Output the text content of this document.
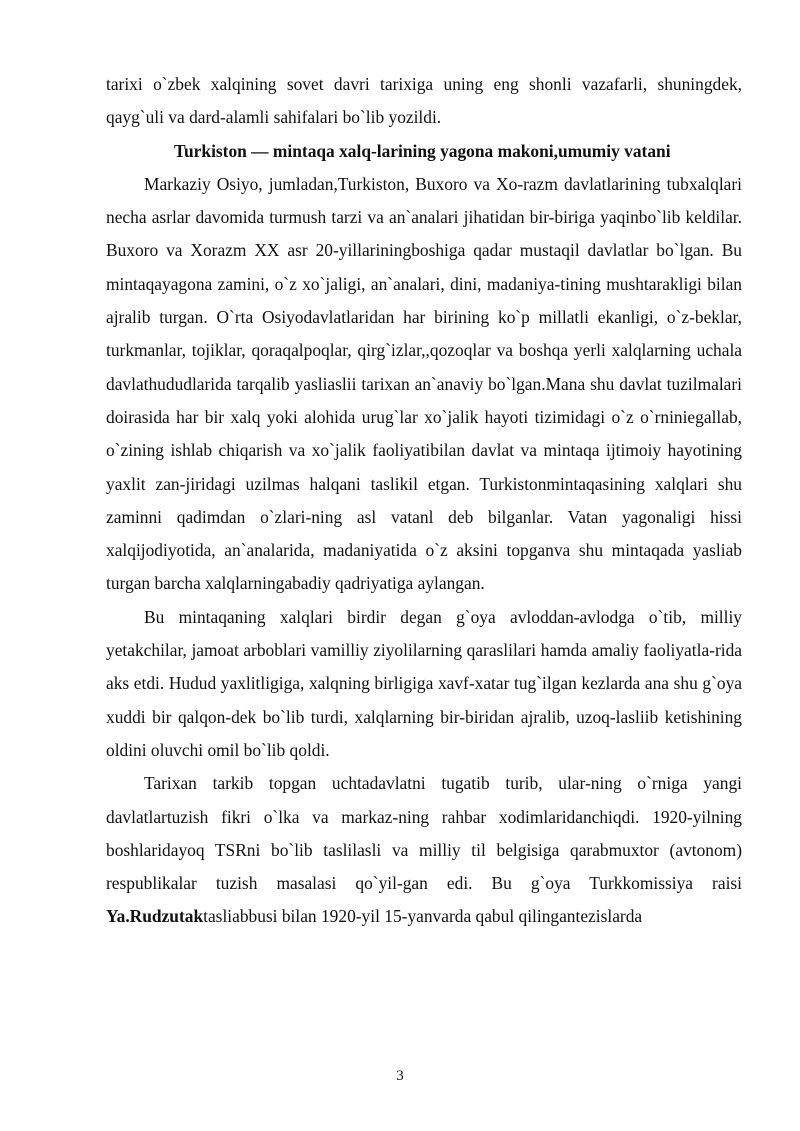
tarixi o`zbek xalqining sovet davri tarixiga uning eng shonli vazafarli, shuningdek, qayg`uli va dard-alamli sahifalari bo`lib yozildi.

Turkiston — mintaqa xalq-larining yagona makoni,umumiy vatani

Markaziy Osiyo, jumladan,Turkiston, Buxoro va Xo-razm davlatlarining tubxalqlari necha asrlar davomida turmush tarzi va an`analari jihatidan bir-biriga yaqinbo`lib keldilar. Buxoro va Xorazm XX asr 20-yillariningboshiga qadar mustaqil davlatlar bo`lgan. Bu mintaqayagona zamini, o`z xo`jaligi, an`analari, dini, madaniya-tining mushtarakligi bilan ajralib turgan. O`rta Osiyodavlatlaridan har birining ko`p millatli ekanligi, o`z-beklar, turkmanlar, tojiklar, qoraqalpoqlar, qirg`izlar,,qozoqlar va boshqa yerli xalqlarning uchala davlathududlarida tarqalib yasliaslii tarixan an`anaviy bo`lgan.Mana shu davlat tuzilmalari doirasida har bir xalq yoki alohida urug`lar xo`jalik hayoti tizimidagi o`z o`rniniegallab, o`zining ishlab chiqarish va xo`jalik faoliyatibilan davlat va mintaqa ijtimoiy hayotining yaxlit zan-jiridagi uzilmas halqani taslikil etgan. Turkistonmintaqasining xalqlari shu zaminni qadimdan o`zlari-ning asl vatanl deb bilganlar. Vatan yagonaligi hissi xalqijodiyotida, an`analarida, madaniyatida o`z aksini topganva shu mintaqada yasliab turgan barcha xalqlarningabadiy qadriyatiga aylangan.

Bu mintaqaning xalqlari birdir degan g`oya avloddan-avlodga o`tib, milliy yetakchilar, jamoat arboblari vamilliy ziyolilarning qaraslilari hamda amaliy faoliyatla-rida aks etdi. Hudud yaxlitligiga, xalqning birligiga xavf-xatar tug`ilgan kezlarda ana shu g`oya xuddi bir qalqon-dek bo`lib turdi, xalqlarning bir-biridan ajralib, uzoq-lasliib ketishining oldini oluvchi omil bo`lib qoldi.

Tarixan tarkib topgan uchtadavlatni tugatib turib, ular-ning o`rniga yangi davlatlartuzish fikri o`lka va markaz-ning rahbar xodimlaridanchiqdi. 1920-yilning boshlaridayoq TSRni bo`lib taslilasli va milliy til belgisiga qarabmuxtor (avtonom) respublikalar tuzish masalasi qo`yil-gan edi. Bu g`oya Turkkomissiya raisi Ya.Rudzutaktasliabbusi bilan 1920-yil 15-yanvarda qabul qilingantezislarda

3
